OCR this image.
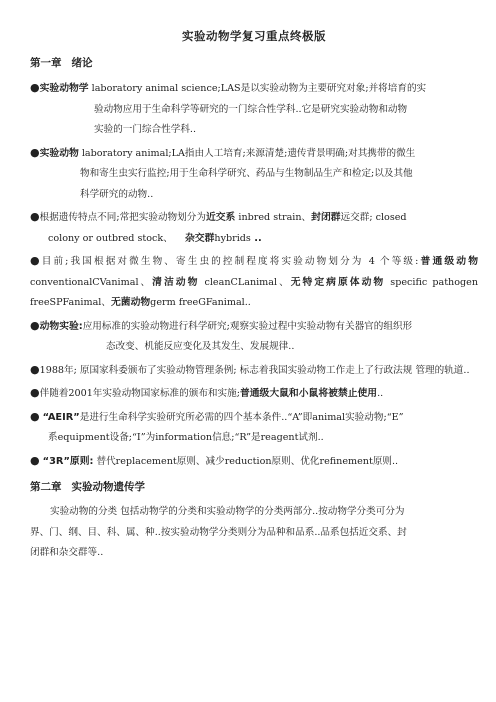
实验动物学复习重点终极版
第一章 绪论
●实验动物学 laboratory animal science;LAS是以实验动物为主要研究对象;并将培育的实
验动物应用于生命科学等研究的一门综合性学科..它是研究实验动物和动物
实验的一门综合性学科..
●实验动物 laboratory animal;LA指由人工培育;来源清楚;遗传背景明确;对其携带的微生
物和寄生虫实行监控;用于生命科学研究、药品与生物制品生产和检定;以及其他
科学研究的动物..
●根据遗传特点不同;常把实验动物划分为近交系 inbred strain、封闭群远交群; closed
colony or outbred stock、 杂交群hybrids ..
●目前;我国根据对微生物、寄生虫的控制程度将实验动物划分为 4 个等级:普通级动物 conventionalCVanimal、清洁动物 cleanCLanimal、无特定病原体动物 specific pathogen freeSPFanimal、无菌动物germ freeGFanimal..
●动物实验:应用标准的实验动物进行科学研究;观察实验过程中实验动物有关器官的组织形
态改变、机能反应变化及其发生、发展规律..
●1988年; 原国家科委颁布了实验动物管理条例; 标志着我国实验动物工作走上了行政法规 管理的轨道..
●伴随着2001年实验动物国家标准的颁布和实施;普通级大鼠和小鼠将被禁止使用..
● “AEIR”是进行生命科学实验研究所必需的四个基本条件..“A”即animal实验动物;“E”
系equipment设备;“I”为information信息;“R”是reagent试剂..
● “3R”原则: 替代replacement原则、减少reduction原则、优化refinement原则..
第二章 实验动物遗传学
实验动物的分类 包括动物学的分类和实验动物学的分类两部分..按动物学分类可分为
界、门、纲、目、科、属、种..按实验动物学分类则分为品种和品系..品系包括近交系、封
闭群和杂交群等..
